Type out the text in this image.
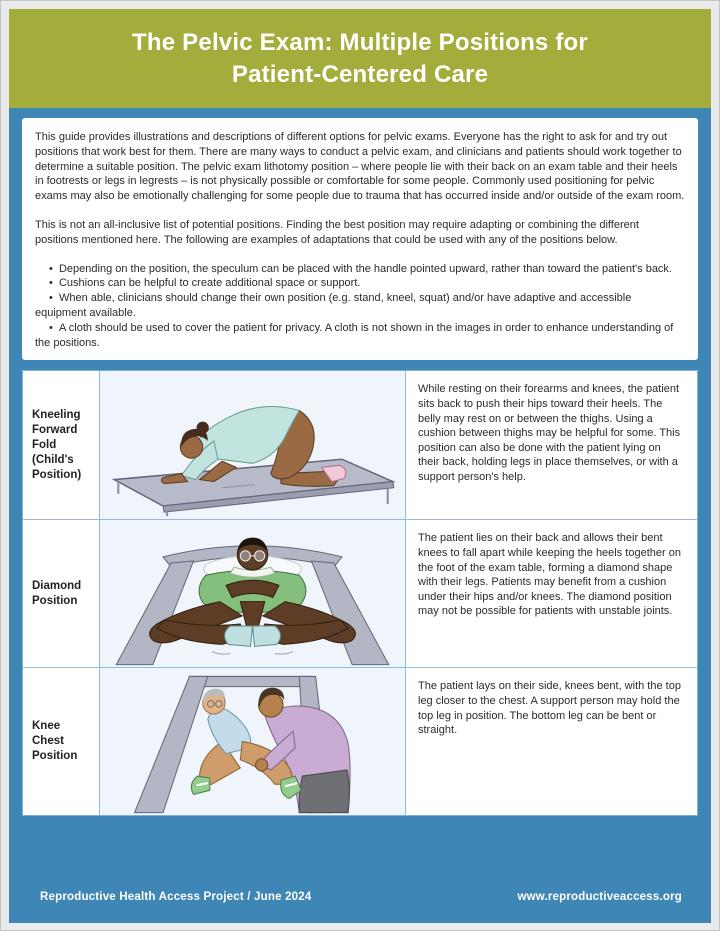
The Pelvic Exam: Multiple Positions for
Patient-Centered Care

This guide provides illustrations and descriptions of different options for pelvic exams. Everyone has the right to ask for and try out positions that work best for them. There are many ways to conduct a pelvic exam, and clinicians and patients should work together to determine a suitable position. The pelvic exam lithotomy position – where people lie with their back on an exam table and their heels in footrests or legs in legrests – is not physically possible or comfortable for some people. Commonly used positioning for pelvic exams may also be emotionally challenging for some people due to trauma that has occurred inside and/or outside of the exam room.

This is not an all-inclusive list of potential positions. Finding the best position may require adapting or combining the different positions mentioned here. The following are examples of adaptations that could be used with any of the positions below.

• Depending on the position, the speculum can be placed with the handle pointed upward, rather than toward the patient's back.
• Cushions can be helpful to create additional space or support.
• When able, clinicians should change their own position (e.g. stand, kneel, squat) and/or have adaptive and accessible equipment available.
• A cloth should be used to cover the patient for privacy. A cloth is not shown in the images in order to enhance understanding of the positions.
Kneeling Forward Fold (Child's Position)
While resting on their forearms and knees, the patient sits back to push their hips toward their heels. The belly may rest on or between the thighs. Using a cushion between thighs may be helpful for some. This position can also be done with the patient lying on their back, holding legs in place themselves, or with a support person's help.
Diamond Position
The patient lies on their back and allows their bent knees to fall apart while keeping the heels together on the foot of the exam table, forming a diamond shape with their legs. Patients may benefit from a cushion under their hips and/or knees. The diamond position may not be possible for patients with unstable joints.
Knee Chest Position
The patient lays on their side, knees bent, with the top leg closer to the chest. A support person may hold the top leg in position. The bottom leg can be bent or straight.
Reproductive Health Access Project / June 2024	www.reproductiveaccess.org
